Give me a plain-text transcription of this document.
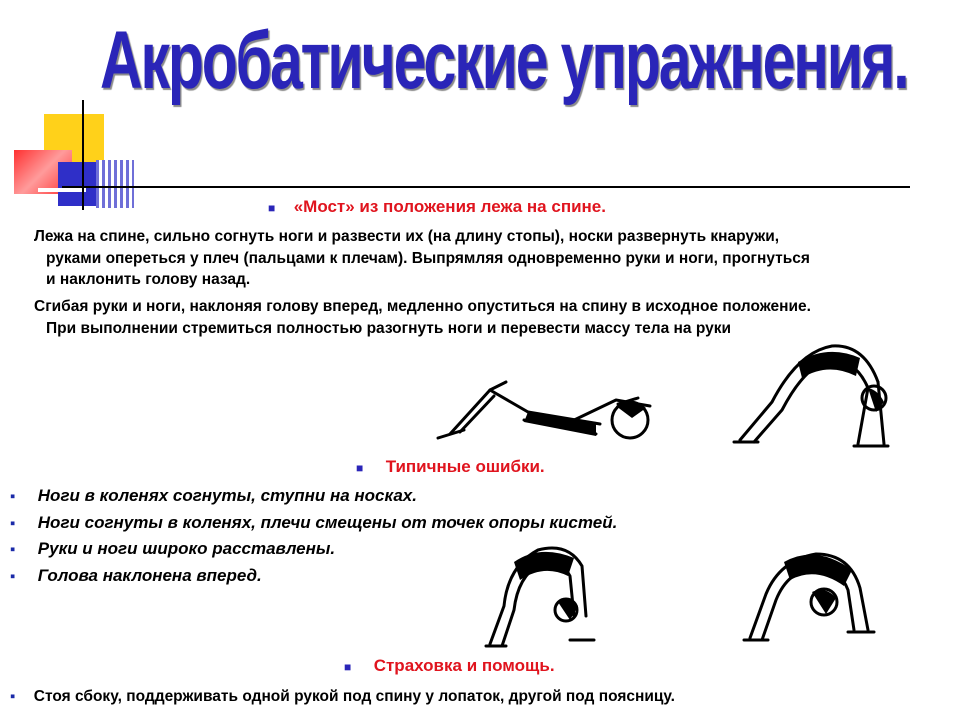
Акробатические упражнения.
■ «Мост» из положения лежа на спине.
Лежа на спине, сильно согнуть ноги и развести их (на длину стопы), носки развернуть кнаружи,
руками опереться у плеч (пальцами к плечам). Выпрямляя одновременно руки и ноги, прогнуться
и наклонить голову назад.
Сгибая руки и ноги, наклоняя голову вперед, медленно опуститься на спину в исходное положение.
При выполнении стремиться полностью разогнуть ноги и перевести массу тела на руки
■ Типичные ошибки.
▪ Ноги в коленях согнуты, ступни на носках.
▪ Ноги согнуты в коленях, плечи смещены от точек опоры кистей.
▪ Руки и ноги широко расставлены.
▪ Голова наклонена вперед.
■ Страховка и помощь.
▪ Стоя сбоку, поддерживать одной рукой под спину у лопаток, другой под поясницу.
